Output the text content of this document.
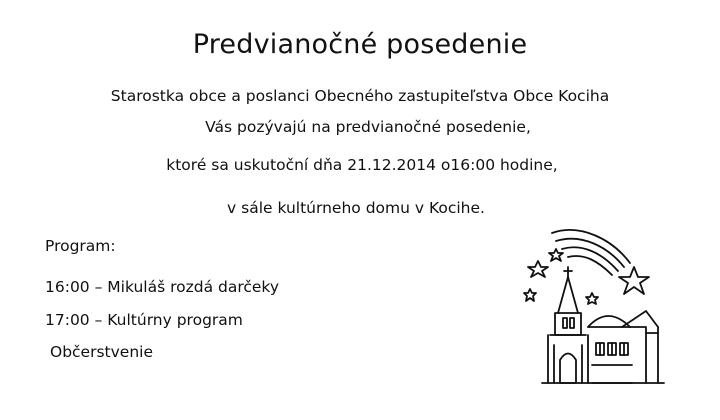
Predvianočné posedenie
Starostka obce a poslanci Obecného zastupiteľstva Obce Kociha
Vás pozývajú na predvianočné posedenie,
ktoré sa uskutoční dňa 21.12.2014 o16:00 hodine,
v sále kultúrneho domu v Kocihe.
Program:
16:00 – Mikuláš rozdá darčeky
17:00 – Kultúrny program
Občerstvenie
